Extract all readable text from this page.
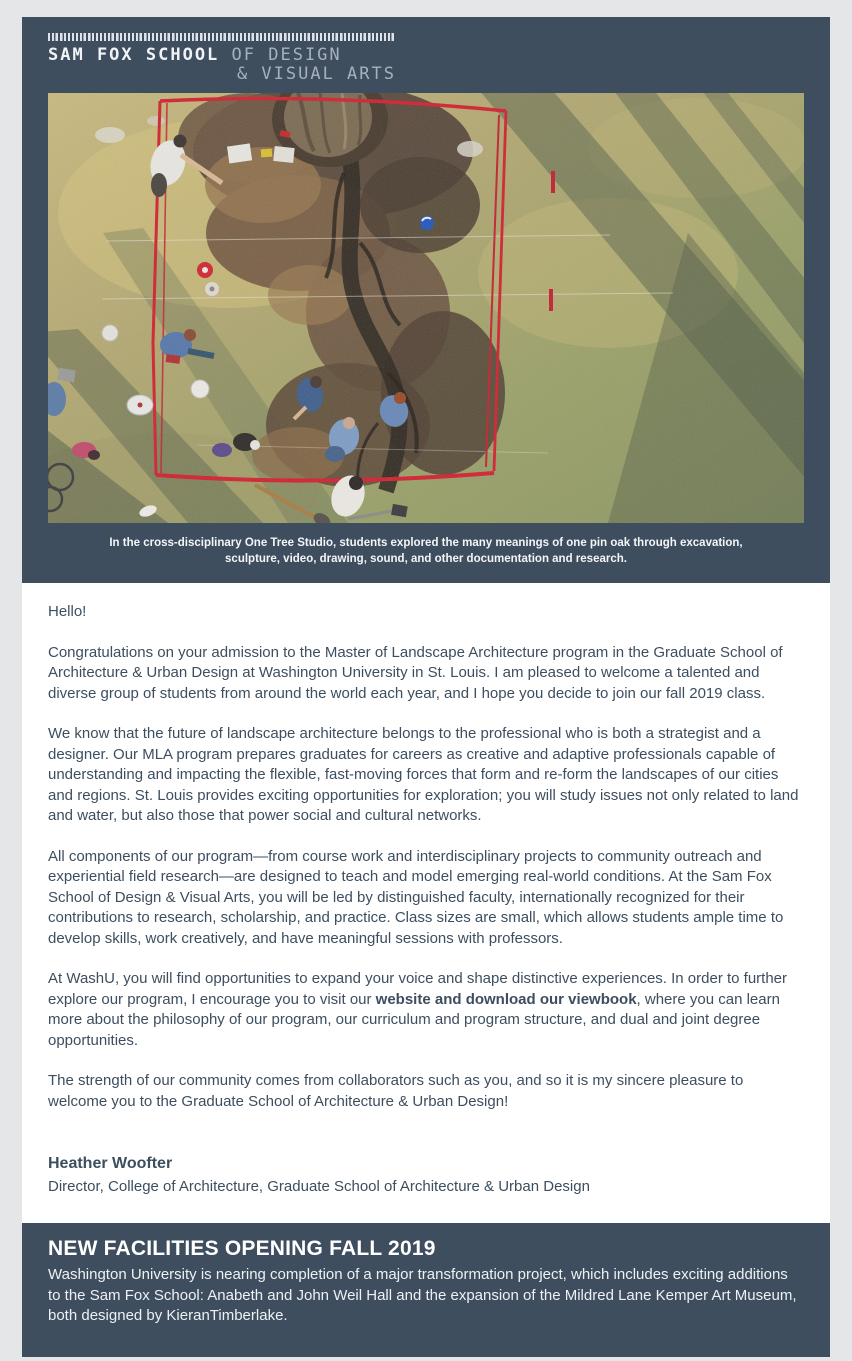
SAM FOX SCHOOL OF DESIGN
& VISUAL ARTS
In the cross-disciplinary One Tree Studio, students explored the many meanings of one pin oak through excavation, sculpture, video, drawing, sound, and other documentation and research.

Hello!

Congratulations on your admission to the Master of Landscape Architecture program in the Graduate School of Architecture & Urban Design at Washington University in St. Louis. I am pleased to welcome a talented and diverse group of students from around the world each year, and I hope you decide to join our fall 2019 class.

We know that the future of landscape architecture belongs to the professional who is both a strategist and a designer. Our MLA program prepares graduates for careers as creative and adaptive professionals capable of understanding and impacting the flexible, fast-moving forces that form and re-form the landscapes of our cities and regions. St. Louis provides exciting opportunities for exploration; you will study issues not only related to land and water, but also those that power social and cultural networks.

All components of our program—from course work and interdisciplinary projects to community outreach and experiential field research—are designed to teach and model emerging real-world conditions. At the Sam Fox School of Design & Visual Arts, you will be led by distinguished faculty, internationally recognized for their contributions to research, scholarship, and practice. Class sizes are small, which allows students ample time to develop skills, work creatively, and have meaningful sessions with professors.

At WashU, you will find opportunities to expand your voice and shape distinctive experiences. In order to further explore our program, I encourage you to visit our website and download our viewbook, where you can learn more about the philosophy of our program, our curriculum and program structure, and dual and joint degree opportunities.

The strength of our community comes from collaborators such as you, and so it is my sincere pleasure to welcome you to the Graduate School of Architecture & Urban Design!

Heather Woofter
Director, College of Architecture, Graduate School of Architecture & Urban Design
NEW FACILITIES OPENING FALL 2019

Washington University is nearing completion of a major transformation project, which includes exciting additions to the Sam Fox School: Anabeth and John Weil Hall and the expansion of the Mildred Lane Kemper Art Museum, both designed by KieranTimberlake.
